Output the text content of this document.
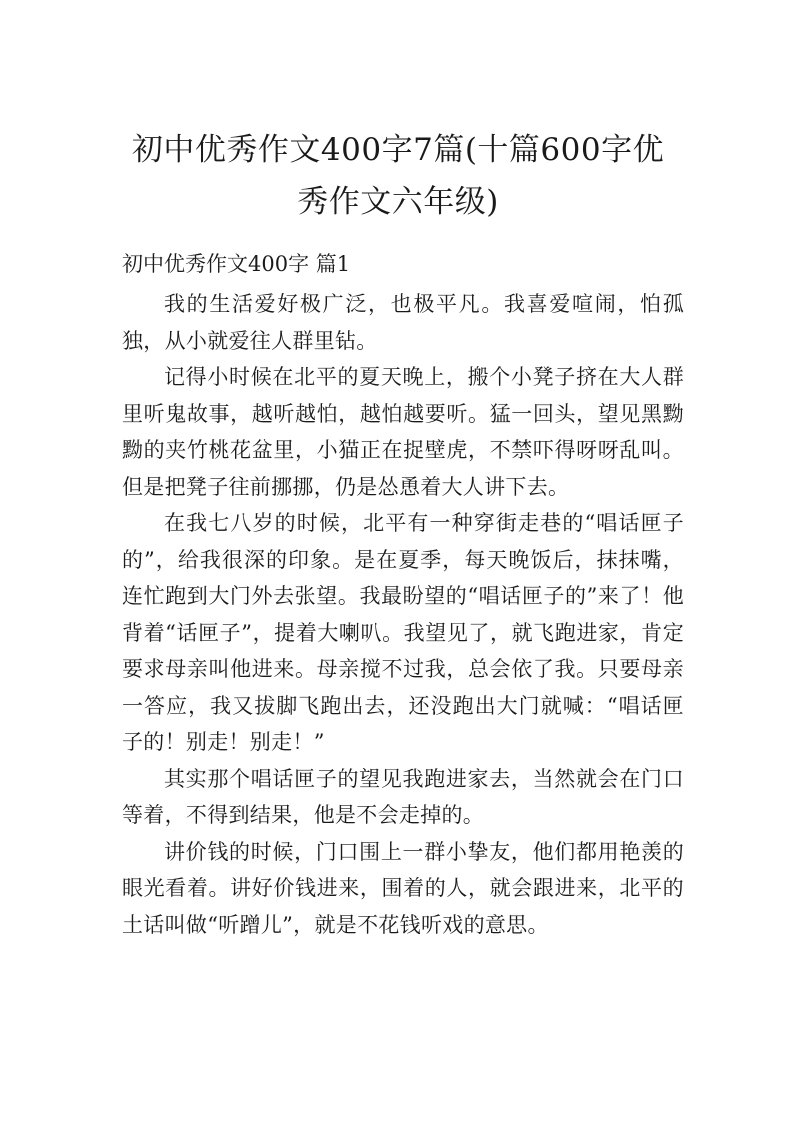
初中优秀作文400字7篇(十篇600字优秀作文六年级)
初中优秀作文400字 篇1

我的生活爱好极广泛，也极平凡。我喜爱喧闹，怕孤独，从小就爱往人群里钻。

记得小时候在北平的夏天晚上，搬个小凳子挤在大人群里听鬼故事，越听越怕，越怕越要听。猛一回头，望见黑黝黝的夹竹桃花盆里，小猫正在捉壁虎，不禁吓得呀呀乱叫。但是把凳子往前挪挪，仍是怂恿着大人讲下去。

在我七八岁的时候，北平有一种穿街走巷的“唱话匣子的”，给我很深的印象。是在夏季，每天晚饭后，抹抹嘴，连忙跑到大门外去张望。我最盼望的“唱话匣子的”来了！他背着“话匣子”，提着大喇叭。我望见了，就飞跑进家，肯定要求母亲叫他进来。母亲搅不过我，总会依了我。只要母亲一答应，我又拔脚飞跑出去，还没跑出大门就喊：“唱话匣子的！别走！别走！”

其实那个唱话匣子的望见我跑进家去，当然就会在门口等着，不得到结果，他是不会走掉的。

讲价钱的时候，门口围上一群小挚友，他们都用艳羡的眼光看着。讲好价钱进来，围着的人，就会跟进来，北平的土话叫做“听蹭儿”，就是不花钱听戏的意思。
